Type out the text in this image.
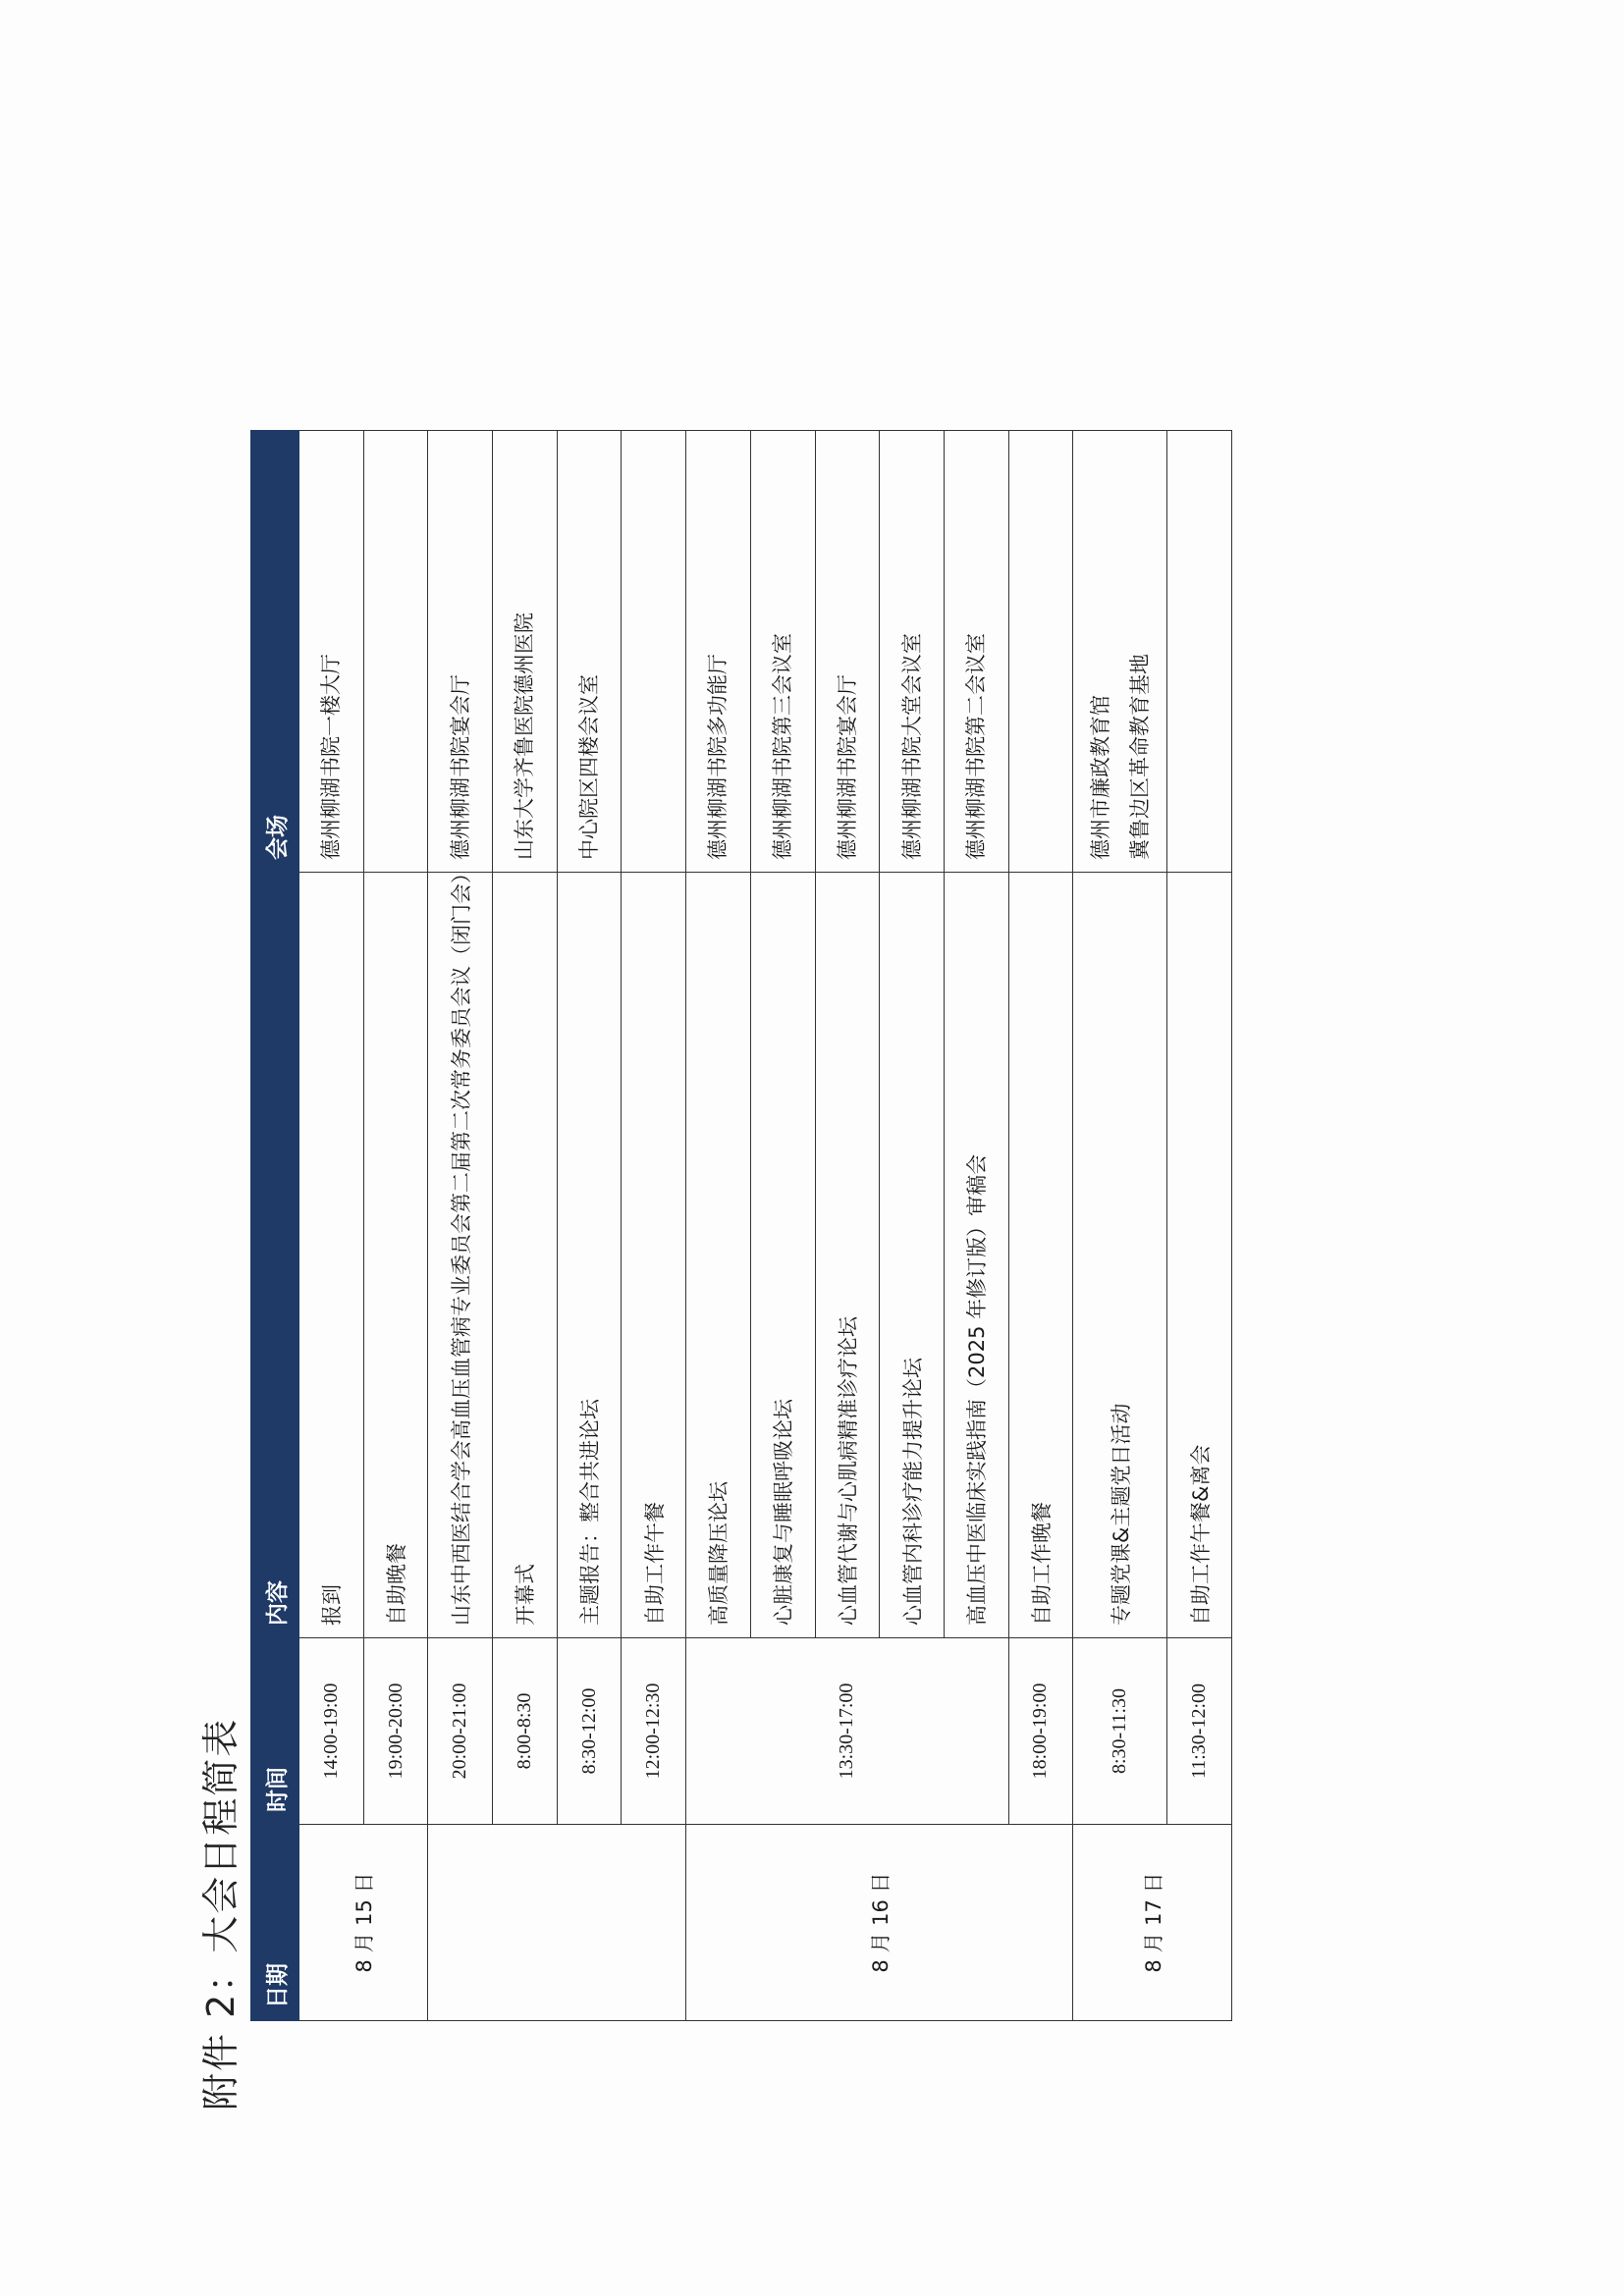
附件 2：大会日程简表 日期	时间	内容	会场
8 月 15 日	14:00-19:00	报到	德州柳湖书院一楼大厅
	19:00-20:00	自助晚餐	
	20:00-21:00	山东中西医结合学会高血压血管病专业委员会第二届第二次常务委员会议（闭门会）	德州柳湖书院宴会厅
	8:00-8:30	开幕式	山东大学齐鲁医院德州医院
	8:30-12:00	主题报告：整合共进论坛	中心院区四楼会议室
	12:00-12:30	自助工作午餐	
8 月 16 日	13:30-17:00	高质量降压论坛	德州柳湖书院多功能厅
		心脏康复与睡眠呼吸论坛	德州柳湖书院第三会议室
		心血管代谢与心肌病精准诊疗论坛	德州柳湖书院宴会厅
		心血管内科诊疗能力提升论坛	德州柳湖书院大堂会议室
		高血压中医临床实践指南（2025 年修订版）审稿会	德州柳湖书院第二会议室
	18:00-19:00	自助工作晚餐	
8 月 17 日	8:30-11:30	专题党课&主题党日活动	德州市廉政教育馆 冀鲁边区革命教育基地

	11:30-12:00	自助工作午餐&离会	
